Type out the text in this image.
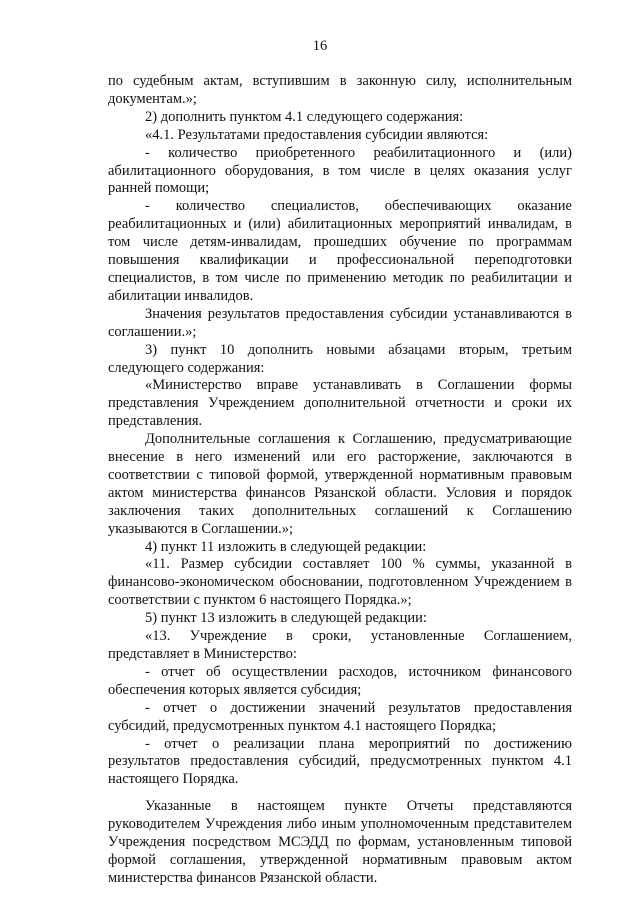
16

по судебным актам, вступившим в законную силу, исполнительным документам.»;

2) дополнить пунктом 4.1 следующего содержания:

«4.1. Результатами предоставления субсидии являются:

- количество приобретенного реабилитационного и (или) абилитационного оборудования, в том числе в целях оказания услуг ранней помощи;

- количество специалистов, обеспечивающих оказание реабилитационных и (или) абилитационных мероприятий инвалидам, в том числе детям-инвалидам, прошедших обучение по программам повышения квалификации и профессиональной переподготовки специалистов, в том числе по применению методик по реабилитации и абилитации инвалидов.

Значения результатов предоставления субсидии устанавливаются в соглашении.»;

3) пункт 10 дополнить новыми абзацами вторым, третьим следующего содержания:

«Министерство вправе устанавливать в Соглашении формы представления Учреждением дополнительной отчетности и сроки их представления.

Дополнительные соглашения к Соглашению, предусматривающие внесение в него изменений или его расторжение, заключаются в соответствии с типовой формой, утвержденной нормативным правовым актом министерства финансов Рязанской области. Условия и порядок заключения таких дополнительных соглашений к Соглашению указываются в Соглашении.»;

4) пункт 11 изложить в следующей редакции:

«11. Размер субсидии составляет 100 % суммы, указанной в финансово-экономическом обосновании, подготовленном Учреждением в соответствии с пунктом 6 настоящего Порядка.»;

5) пункт 13 изложить в следующей редакции:

«13. Учреждение в сроки, установленные Соглашением, представляет в Министерство:

- отчет об осуществлении расходов, источником финансового обеспечения которых является субсидия;

- отчет о достижении значений результатов предоставления субсидий, предусмотренных пунктом 4.1 настоящего Порядка;

- отчет о реализации плана мероприятий по достижению результатов предоставления субсидий, предусмотренных пунктом 4.1 настоящего Порядка.

Указанные в настоящем пункте Отчеты представляются руководителем Учреждения либо иным уполномоченным представителем Учреждения посредством МСЭДД по формам, установленным типовой формой соглашения, утвержденной нормативным правовым актом министерства финансов Рязанской области.
